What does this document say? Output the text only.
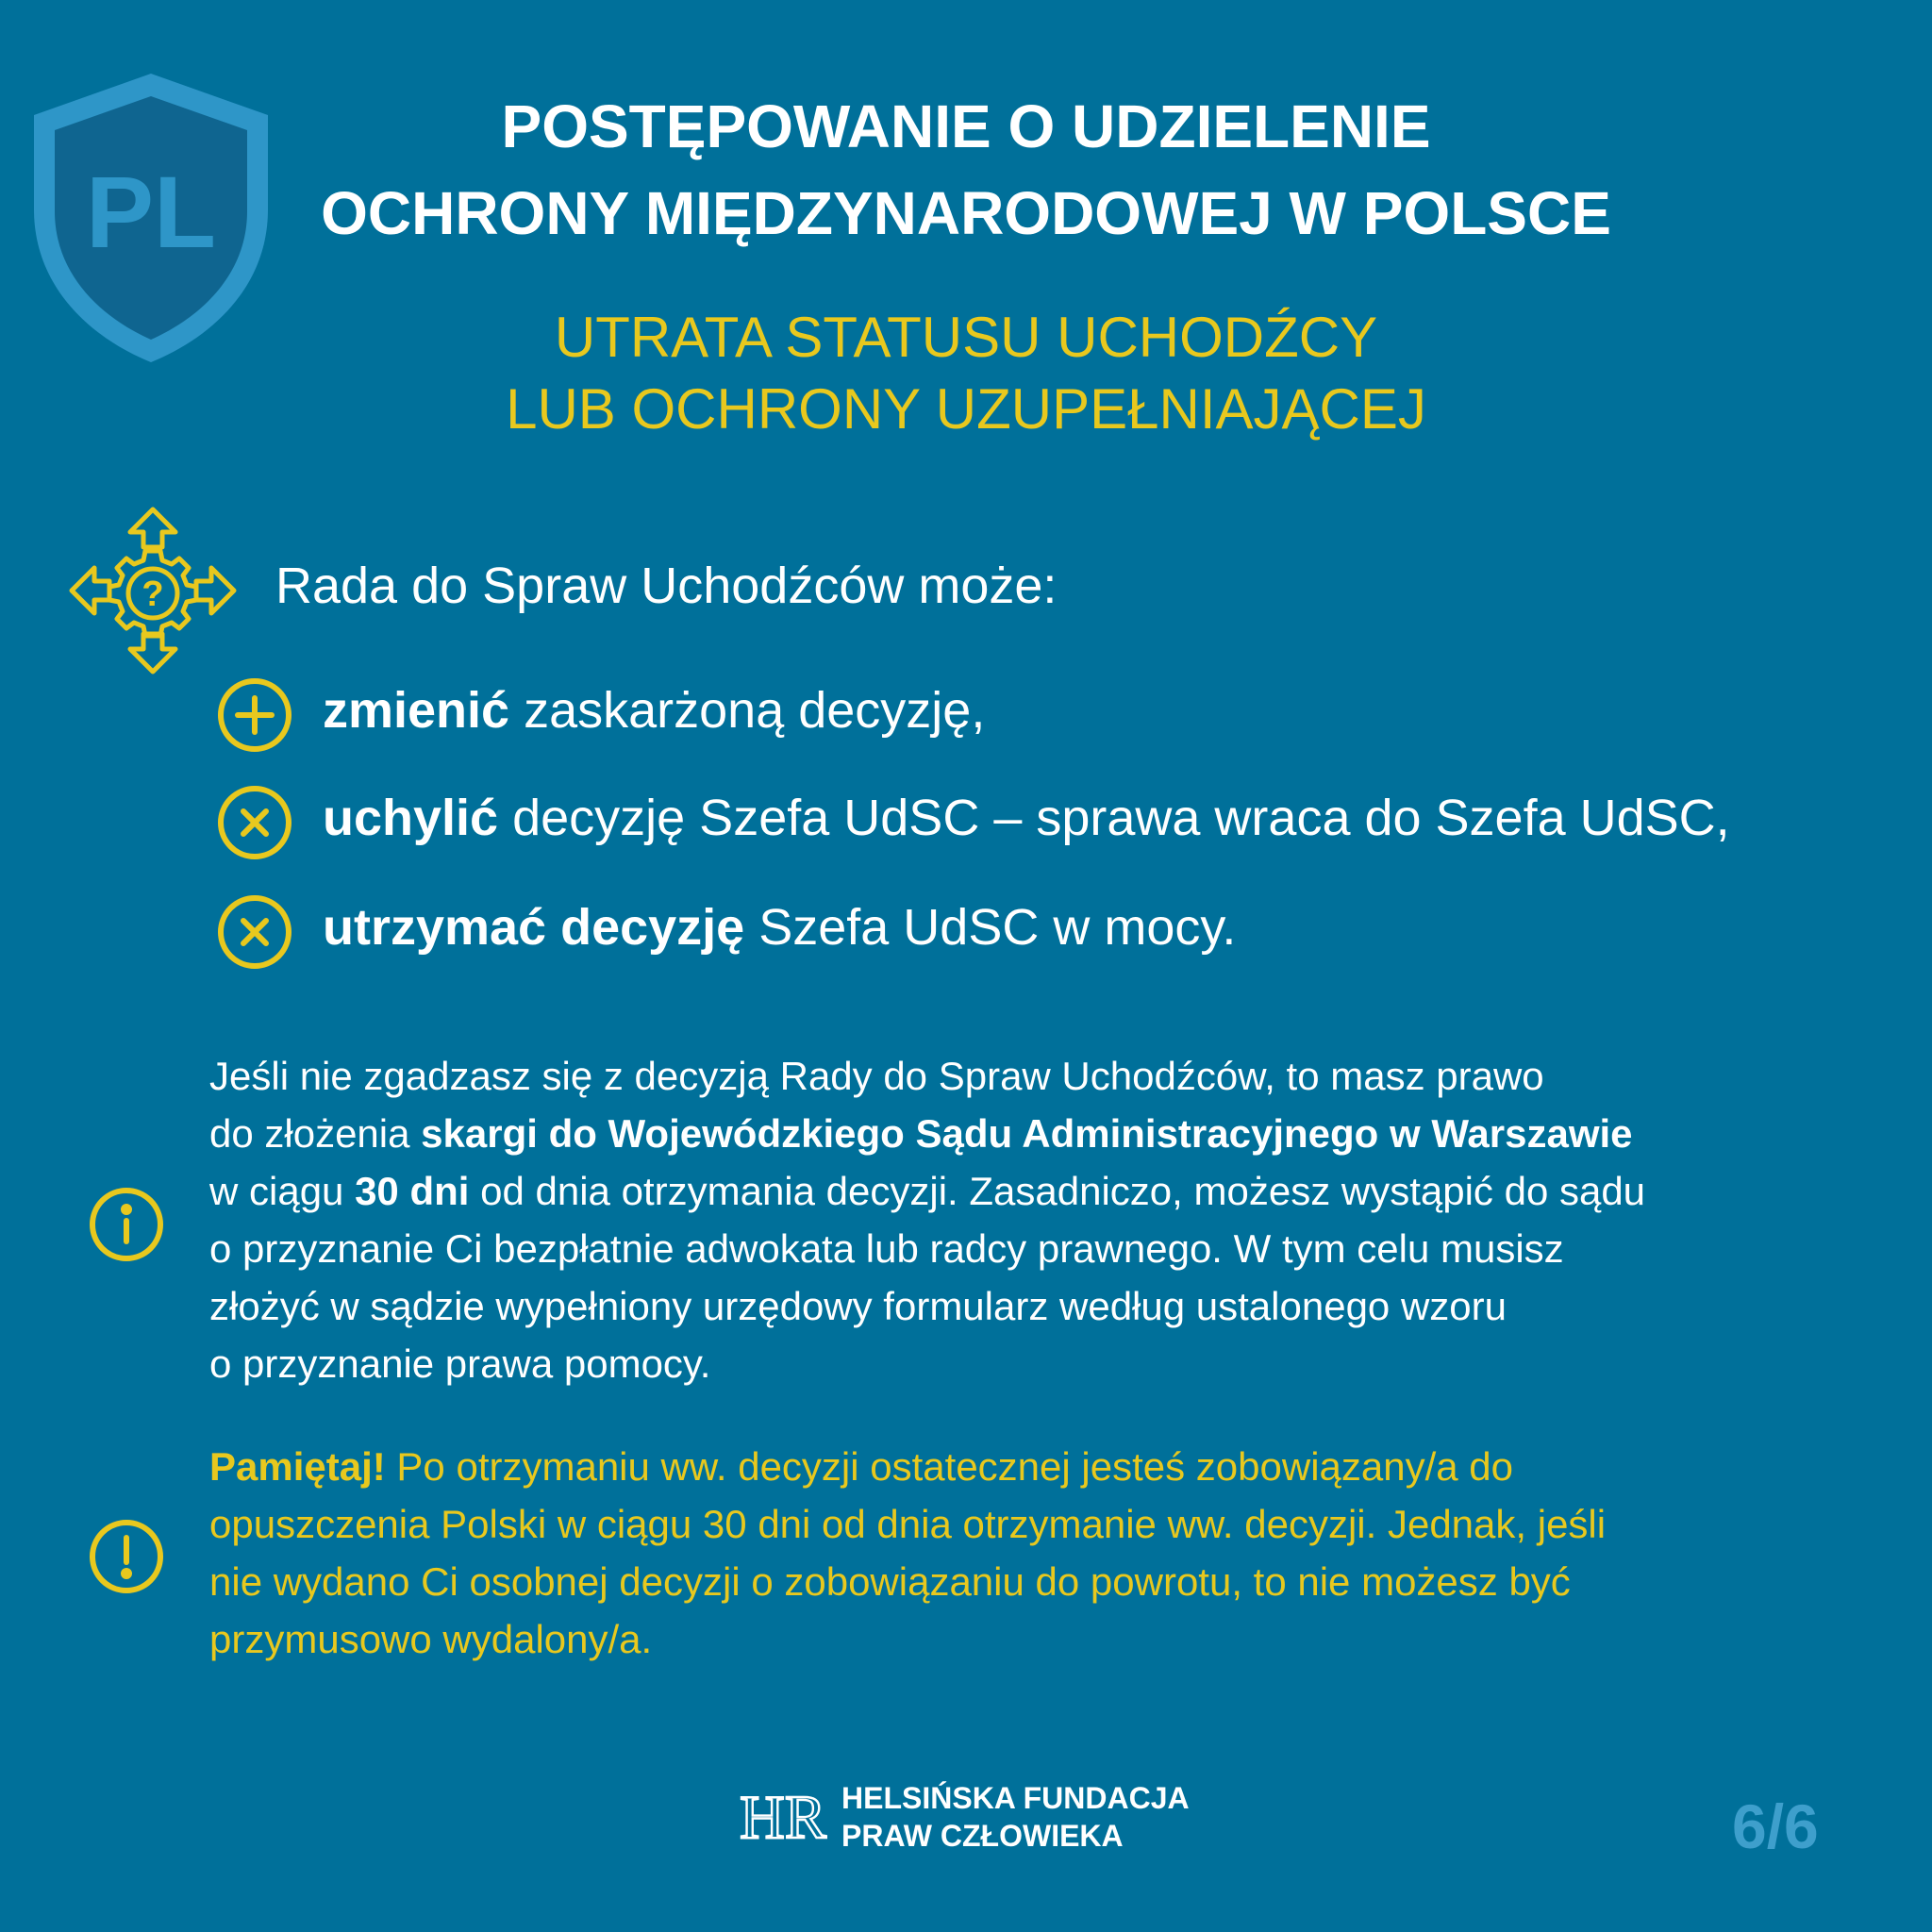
PL
POSTĘPOWANIE O UDZIELENIE
OCHRONY MIĘDZYNARODOWEJ W POLSCE
UTRATA STATUSU UCHODŹCY
LUB OCHRONY UZUPEŁNIAJĄCEJ
? Rada do Spraw Uchodźców może:
zmienić zaskarżoną decyzję,
uchylić decyzję Szefa UdSC – sprawa wraca do Szefa UdSC,
utrzymać decyzję Szefa UdSC w mocy.
Jeśli nie zgadzasz się z decyzją Rady do Spraw Uchodźców, to masz prawo
do złożenia skargi do Wojewódzkiego Sądu Administracyjnego w Warszawie
w ciągu 30 dni od dnia otrzymania decyzji. Zasadniczo, możesz wystąpić do sądu
o przyznanie Ci bezpłatnie adwokata lub radcy prawnego. W tym celu musisz
złożyć w sądzie wypełniony urzędowy formularz według ustalonego wzoru
o przyznanie prawa pomocy.
Pamiętaj! Po otrzymaniu ww. decyzji ostatecznej jesteś zobowiązany/a do
opuszczenia Polski w ciągu 30 dni od dnia otrzymanie ww. decyzji. Jednak, jeśli
nie wydano Ci osobnej decyzji o zobowiązaniu do powrotu, to nie możesz być
przymusowo wydalony/a.
HR HELSIŃSKA FUNDACJA
PRAW CZŁOWIEKA	6/6
